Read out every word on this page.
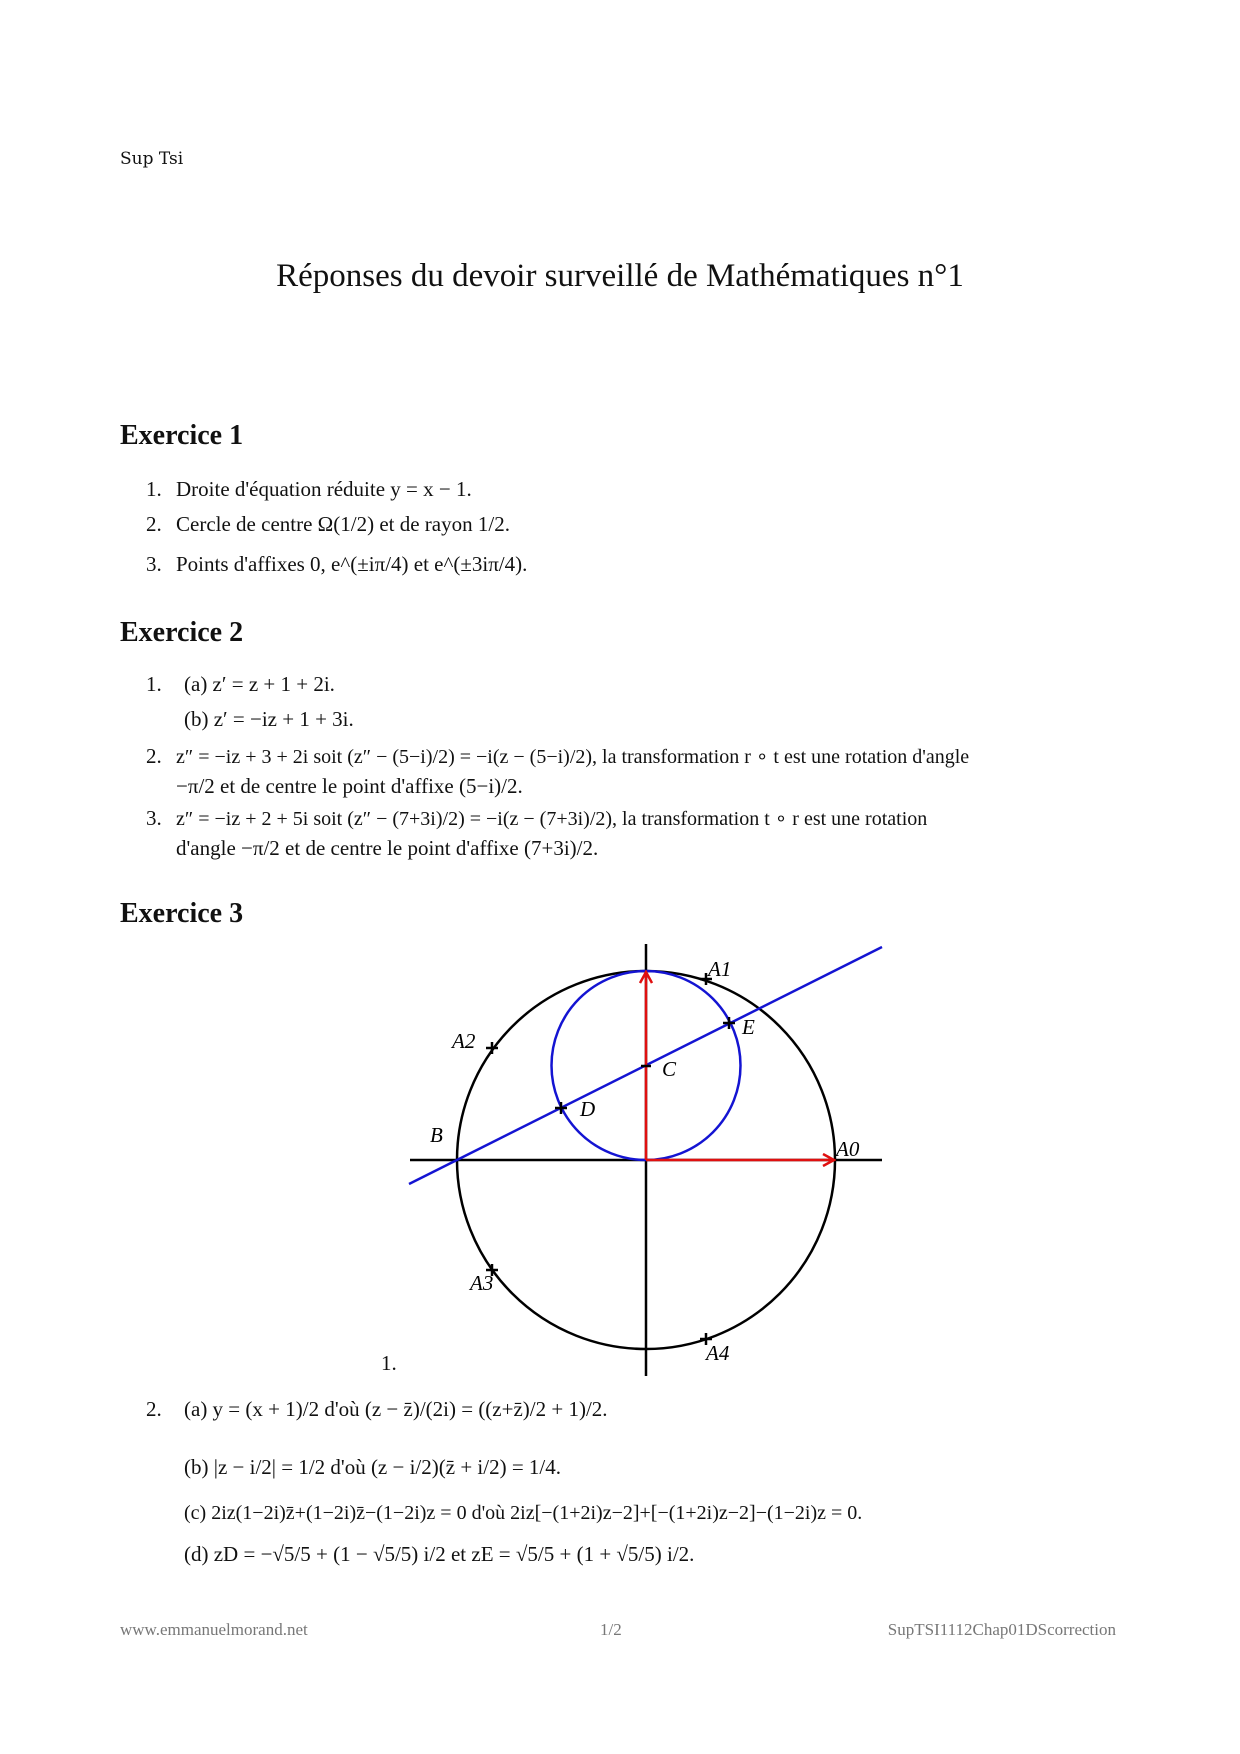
Sup Tsi
Réponses du devoir surveillé de Mathématiques n°1
Exercice 1
1. Droite d'équation réduite y = x − 1.
2. Cercle de centre Ω(1/2) et de rayon 1/2.
3. Points d'affixes 0, e^(±iπ/4) et e^(±3iπ/4).
Exercice 2
1. (a) z′ = z + 1 + 2i.
(b) z′ = −iz + 1 + 3i.
2. z″ = −iz + 3 + 2i soit (z″ − (5−i)/2) = −i(z − (5−i)/2), la transformation r ∘ t est une rotation d'angle
−π/2 et de centre le point d'affixe (5−i)/2.
3. z″ = −iz + 2 + 5i soit (z″ − (7+3i)/2) = −i(z − (7+3i)/2), la transformation t ∘ r est une rotation
d'angle −π/2 et de centre le point d'affixe (7+3i)/2.
Exercice 3
A0
A1
A2
A3
A4
B
C
D
E
1.
2. (a) y = (x + 1)/2 d'où (z − z̄)/(2i) = ((z+z̄)/2 + 1)/2.
(b) |z − i/2| = 1/2 d'où (z − i/2)(z̄ + i/2) = 1/4.
(c) 2iz(1−2i)z̄+(1−2i)z̄−(1−2i)z = 0 d'où 2iz[−(1+2i)z−2]+[−(1+2i)z−2]−(1−2i)z = 0.
(d) zD = −√5/5 + (1 − √5/5) i/2 et zE = √5/5 + (1 + √5/5) i/2.
www.emmanuelmorand.net	1/2	SupTSI1112Chap01DScorrection
